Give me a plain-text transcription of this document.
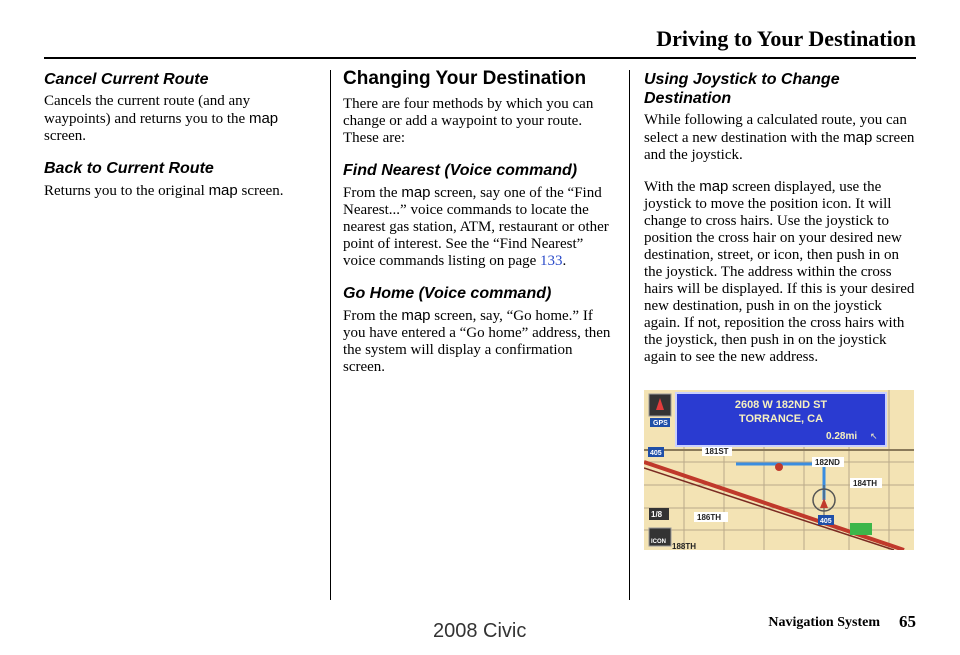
Driving to Your Destination
Cancel Current Route

Cancels the current route (and any waypoints) and returns you to the map screen.

Back to Current Route

Returns you to the original map screen.

Changing Your Destination

There are four methods by which you can change or add a waypoint to your route. These are:

Find Nearest (Voice command)

From the map screen, say one of the “Find Nearest...” voice commands to locate the nearest gas station, ATM, restaurant or other point of interest. See the “Find Nearest” voice commands listing on page 133.

Go Home (Voice command)

From the map screen, say, “Go home.” If you have entered a “Go home” address, then the system will display a confirmation screen.

Using Joystick to Change Destination

While following a calculated route, you can select a new destination with the map screen and the joystick.

With the map screen displayed, use the joystick to move the position icon. It will change to cross hairs. Use the joystick to position the cross hair on your desired new destination, street, or icon, then push in on the joystick. The address within the cross hairs will be displayed. If this is your desired new destination, push in on the joystick again. If not, reposition the cross hairs with the joystick, then push in on the joystick again to see the new address.

181ST
182ND
184TH
186TH
188TH
405
405
GPS
1/8
ICON
2608 W 182ND ST
TORRANCE, CA
0.28mi ↖
Navigation System 65
2008 Civic
